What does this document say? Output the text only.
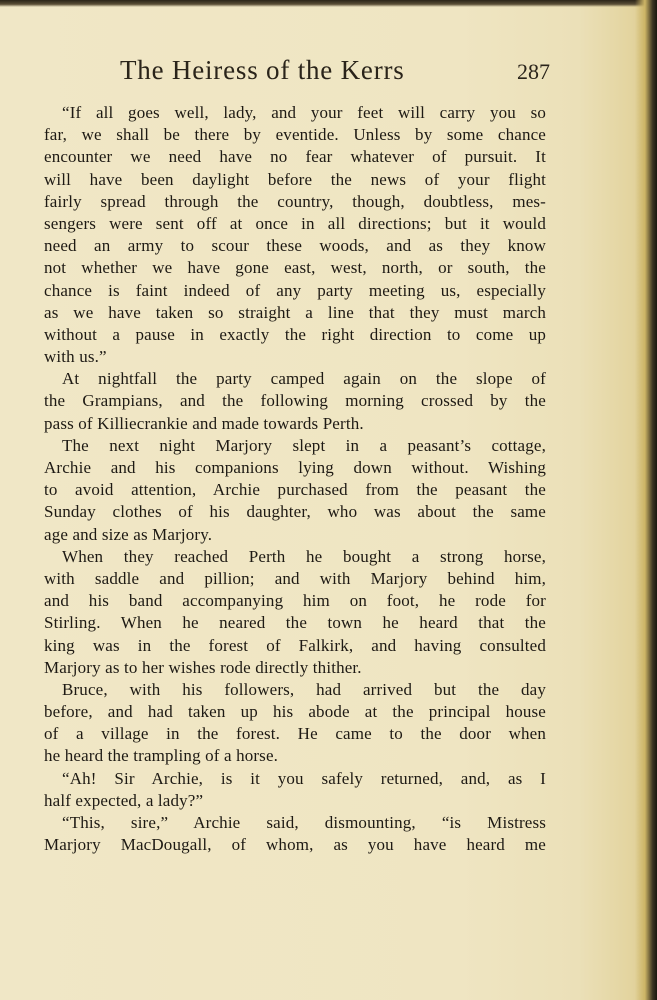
The Heiress of the Kerrs	287
“If all goes well, lady, and your feet will carry you so
far, we shall be there by eventide. Unless by some chance
encounter we need have no fear whatever of pursuit. It
will have been daylight before the news of your flight
fairly spread through the country, though, doubtless, mes-
sengers were sent off at once in all directions; but it would
need an army to scour these woods, and as they know
not whether we have gone east, west, north, or south, the
chance is faint indeed of any party meeting us, especially
as we have taken so straight a line that they must march
without a pause in exactly the right direction to come up
with us.”
At nightfall the party camped again on the slope of
the Grampians, and the following morning crossed by the
pass of Killiecrankie and made towards Perth.
The next night Marjory slept in a peasant’s cottage,
Archie and his companions lying down without. Wishing
to avoid attention, Archie purchased from the peasant the
Sunday clothes of his daughter, who was about the same
age and size as Marjory.
When they reached Perth he bought a strong horse,
with saddle and pillion; and with Marjory behind him,
and his band accompanying him on foot, he rode for
Stirling. When he neared the town he heard that the
king was in the forest of Falkirk, and having consulted
Marjory as to her wishes rode directly thither.
Bruce, with his followers, had arrived but the day
before, and had taken up his abode at the principal house
of a village in the forest. He came to the door when
he heard the trampling of a horse.
“Ah! Sir Archie, is it you safely returned, and, as I
half expected, a lady?”
“This, sire,” Archie said, dismounting, “is Mistress
Marjory MacDougall, of whom, as you have heard me
